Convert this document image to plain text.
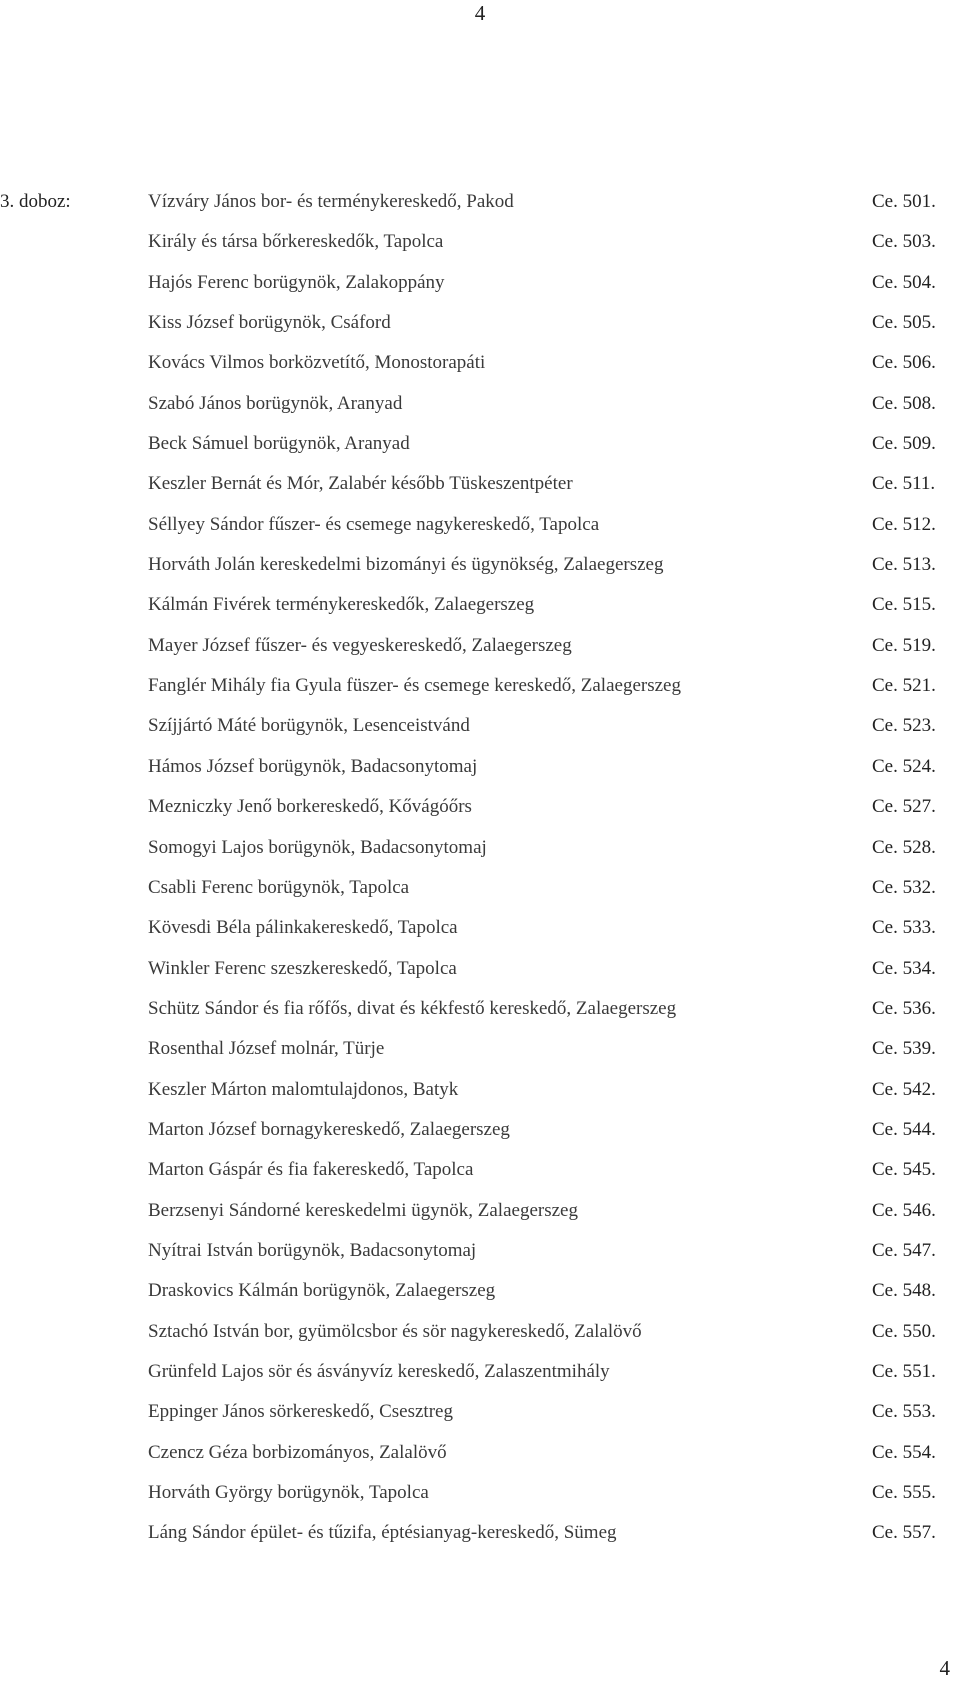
4
3. doboz:	Vízváry János bor- és terménykereskedő, Pakod	Ce. 501.
Király és társa bőrkereskedők, Tapolca	Ce. 503.
Hajós Ferenc borügynök, Zalakoppány	Ce. 504.
Kiss József borügynök, Csáford	Ce. 505.
Kovács Vilmos borközvetítő, Monostorapáti	Ce. 506.
Szabó János borügynök, Aranyad	Ce. 508.
Beck Sámuel borügynök, Aranyad	Ce. 509.
Keszler Bernát és Mór, Zalabér később Tüskeszentpéter	Ce. 511.
Séllyey Sándor fűszer- és csemege nagykereskedő, Tapolca	Ce. 512.
Horváth Jolán kereskedelmi bizományi és ügynökség, Zalaegerszeg	Ce. 513.
Kálmán Fivérek terménykereskedők, Zalaegerszeg	Ce. 515.
Mayer József fűszer- és vegyeskereskedő, Zalaegerszeg	Ce. 519.
Fanglér Mihály fia Gyula füszer- és csemege kereskedő, Zalaegerszeg	Ce. 521.
Szíjjártó Máté borügynök, Lesenceistvánd	Ce. 523.
Hámos József borügynök, Badacsonytomaj	Ce. 524.
Mezniczky Jenő borkereskedő, Kővágóőrs	Ce. 527.
Somogyi Lajos borügynök, Badacsonytomaj	Ce. 528.
Csabli Ferenc borügynök, Tapolca	Ce. 532.
Kövesdi Béla pálinkakereskedő, Tapolca	Ce. 533.
Winkler Ferenc szeszkereskedő, Tapolca	Ce. 534.
Schütz Sándor és fia rőfős, divat és kékfestő kereskedő, Zalaegerszeg	Ce. 536.
Rosenthal József molnár, Türje	Ce. 539.
Keszler Márton malomtulajdonos, Batyk	Ce. 542.
Marton József bornagykereskedő, Zalaegerszeg	Ce. 544.
Marton Gáspár és fia fakereskedő, Tapolca	Ce. 545.
Berzsenyi Sándorné kereskedelmi ügynök, Zalaegerszeg	Ce. 546.
Nyítrai István borügynök, Badacsonytomaj	Ce. 547.
Draskovics Kálmán borügynök, Zalaegerszeg	Ce. 548.
Sztachó István bor, gyümölcsbor és sör nagykereskedő, Zalalövő	Ce. 550.
Grünfeld Lajos sör és ásványvíz kereskedő, Zalaszentmihály	Ce. 551.
Eppinger János sörkereskedő, Csesztreg	Ce. 553.
Czencz Géza borbizományos, Zalalövő	Ce. 554.
Horváth György borügynök, Tapolca	Ce. 555.
Láng Sándor épület- és tűzifa, éptésianyag-kereskedő, Sümeg	Ce. 557.
4
